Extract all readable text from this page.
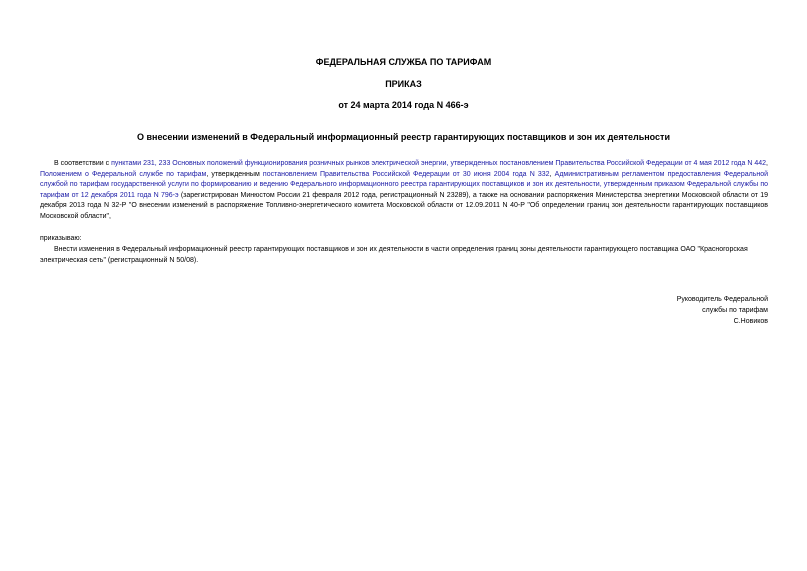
ФЕДЕРАЛЬНАЯ СЛУЖБА ПО ТАРИФАМ
ПРИКАЗ
от 24 марта 2014 года N 466-э
О внесении изменений в Федеральный информационный реестр гарантирующих поставщиков и зон их деятельности

В соответствии с пунктами 231, 233 Основных положений функционирования розничных рынков электрической энергии, утвержденных постановлением Правительства Российской Федерации от 4 мая 2012 года N 442, Положением о Федеральной службе по тарифам, утвержденным постановлением Правительства Российской Федерации от 30 июня 2004 года N 332, Административным регламентом предоставления Федеральной службой по тарифам государственной услуги по формированию и ведению Федерального информационного реестра гарантирующих поставщиков и зон их деятельности, утвержденным приказом Федеральной службы по тарифам от 12 декабря 2011 года N 796-э (зарегистрирован Минюстом России 21 февраля 2012 года, регистрационный N 23289), а также на основании распоряжения Министерства энергетики Московской области от 19 декабря 2013 года N 32-Р "О внесении изменений в распоряжение Топливно-энергетического комитета Московской области от 12.09.2011 N 40-Р "Об определении границ зон деятельности гарантирующих поставщиков Московской области",

приказываю:

Внести изменения в Федеральный информационный реестр гарантирующих поставщиков и зон их деятельности в части определения границ зоны деятельности гарантирующего поставщика ОАО "Красногорская электрическая сеть" (регистрационный N 50/08).

Руководитель Федеральной
службы по тарифам
С.Новиков
